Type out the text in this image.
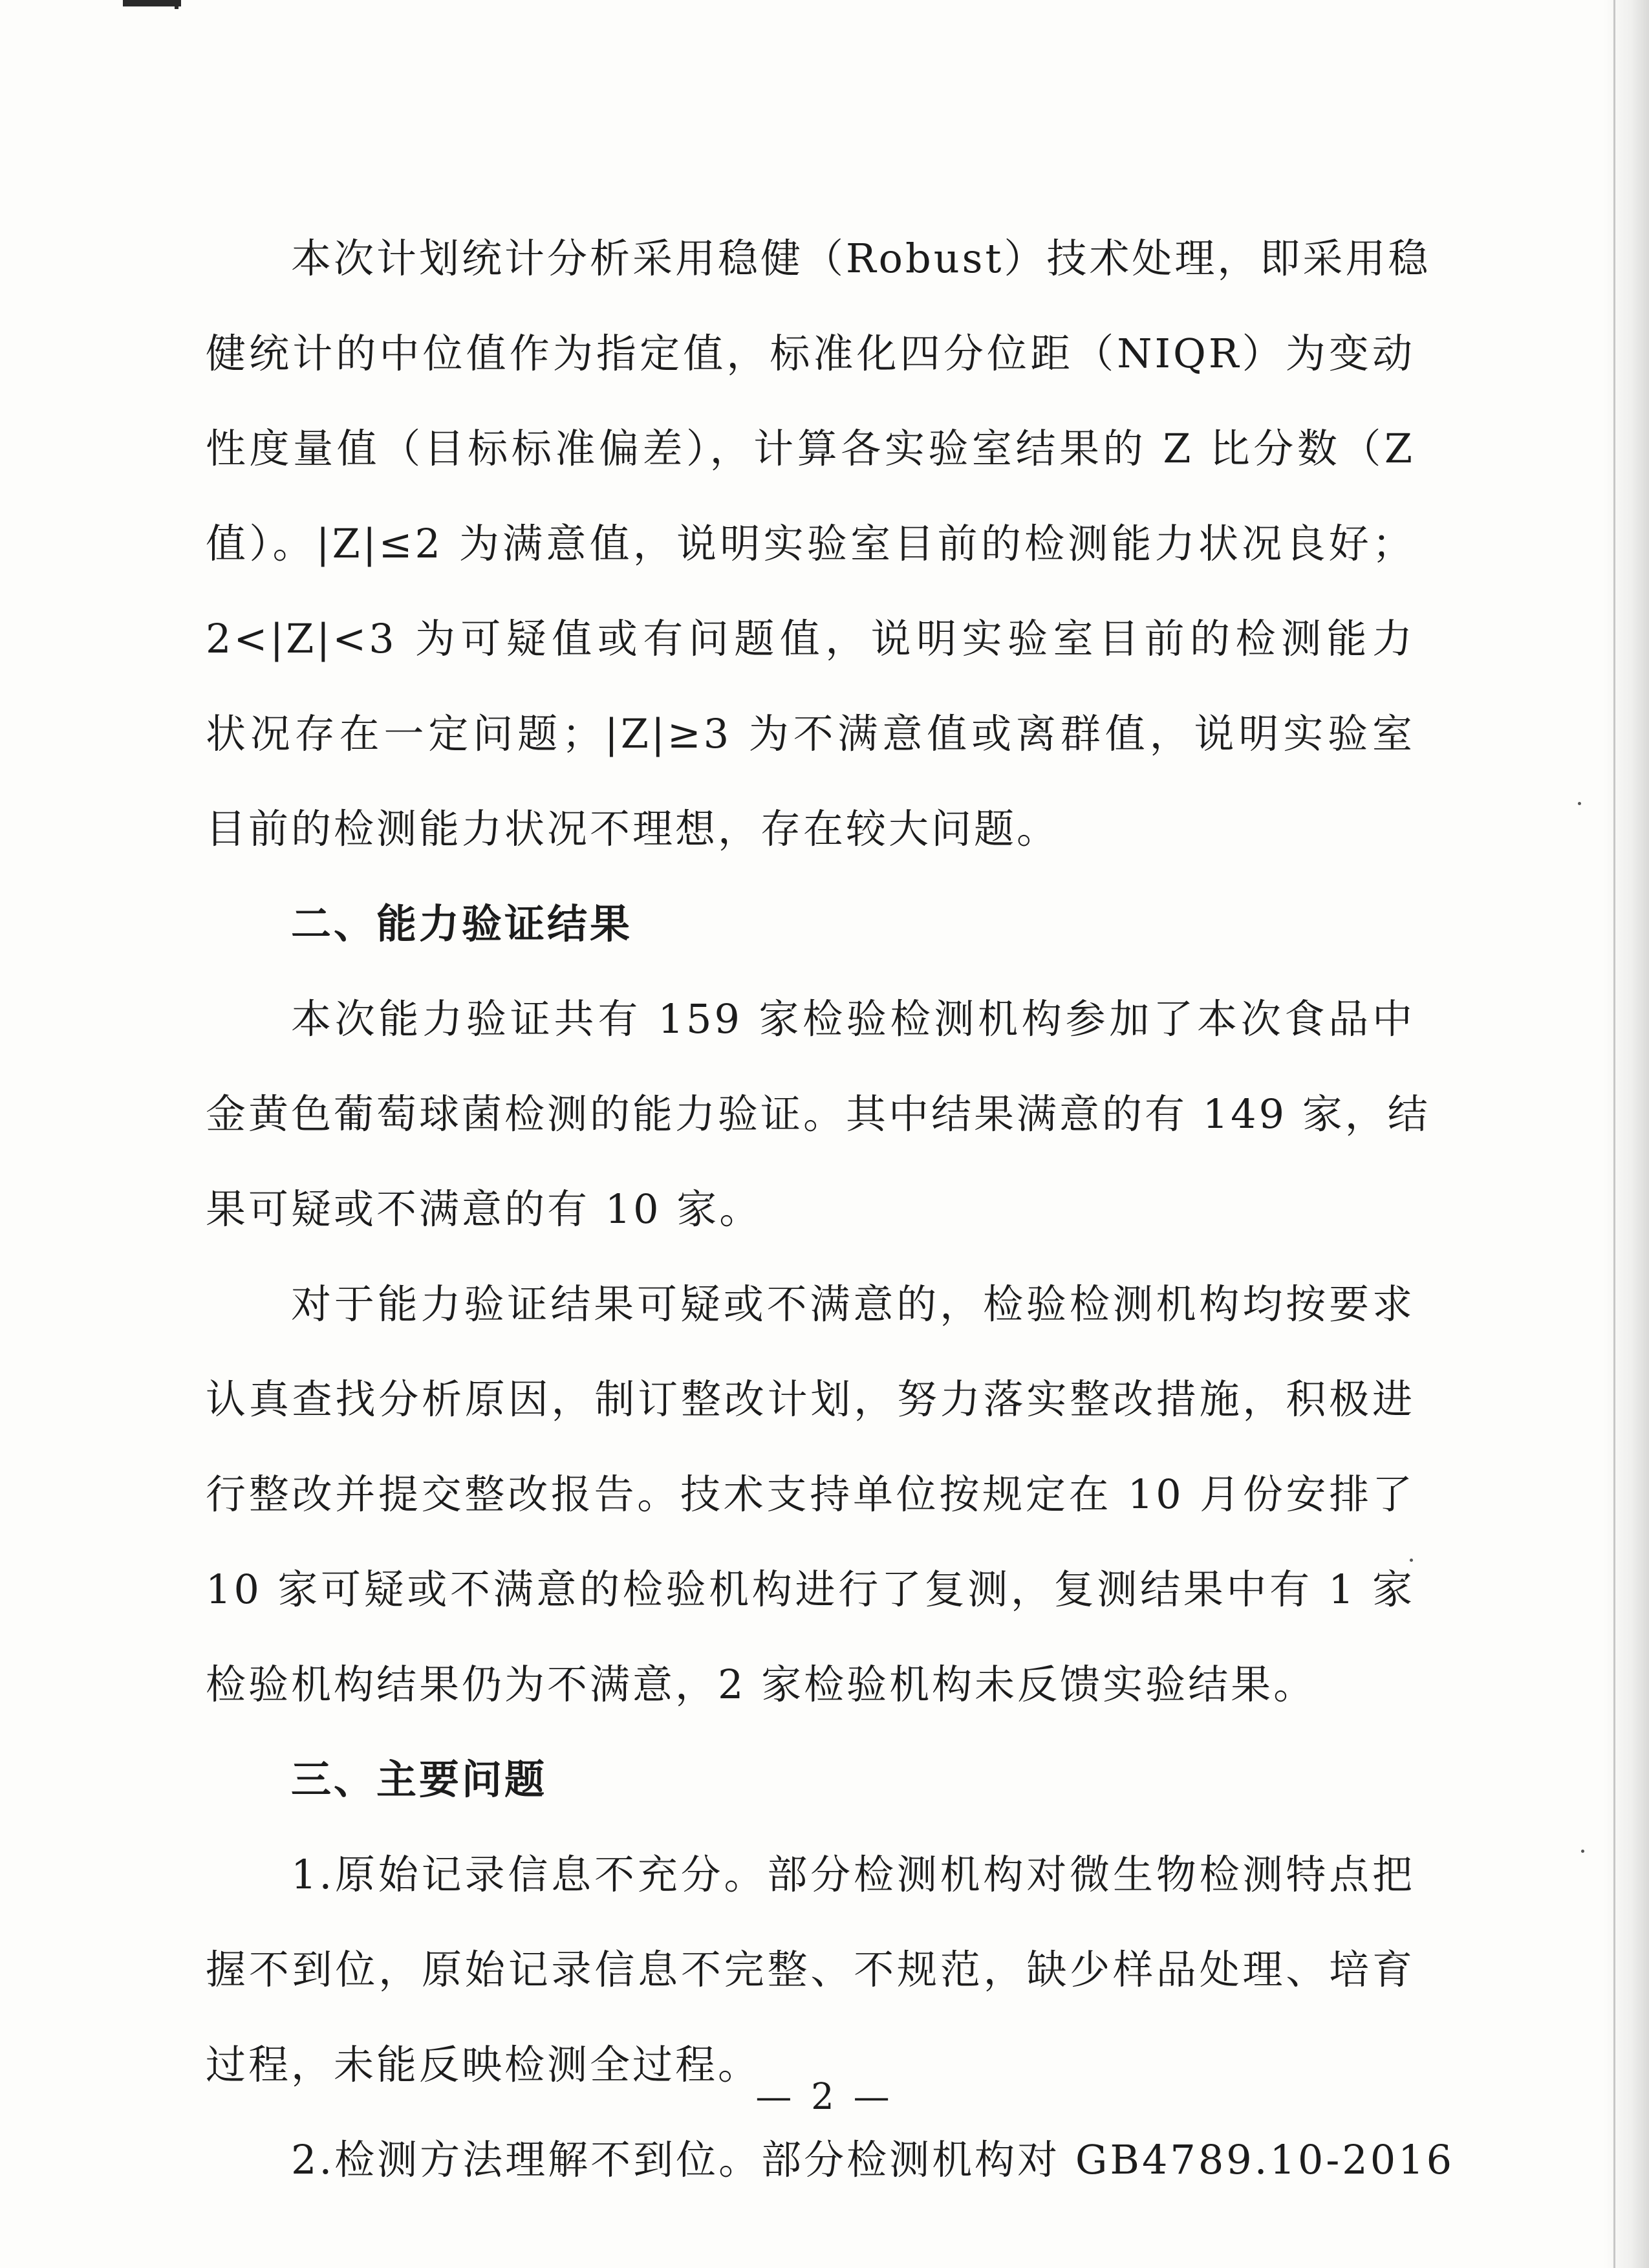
本次计划统计分析采用稳健（Robust）技术处理，即采用稳
健统计的中位值作为指定值，标准化四分位距（NIQR）为变动
性度量值（目标标准偏差），计算各实验室结果的 Z 比分数（Z
值）。|Z|≤2 为满意值，说明实验室目前的检测能力状况良好；
2<|Z|<3 为可疑值或有问题值，说明实验室目前的检测能力
状况存在一定问题；|Z|≥3 为不满意值或离群值，说明实验室
目前的检测能力状况不理想，存在较大问题。
二、能力验证结果
本次能力验证共有 159 家检验检测机构参加了本次食品中
金黄色葡萄球菌检测的能力验证。其中结果满意的有 149 家，结
果可疑或不满意的有 10 家。
对于能力验证结果可疑或不满意的，检验检测机构均按要求
认真查找分析原因，制订整改计划，努力落实整改措施，积极进
行整改并提交整改报告。技术支持单位按规定在 10 月份安排了
10 家可疑或不满意的检验机构进行了复测，复测结果中有 1 家
检验机构结果仍为不满意，2 家检验机构未反馈实验结果。
三、主要问题
1.原始记录信息不充分。部分检测机构对微生物检测特点把
握不到位，原始记录信息不完整、不规范，缺少样品处理、培育
过程，未能反映检测全过程。
2.检测方法理解不到位。部分检测机构对 GB4789.10-2016
— 2 —
